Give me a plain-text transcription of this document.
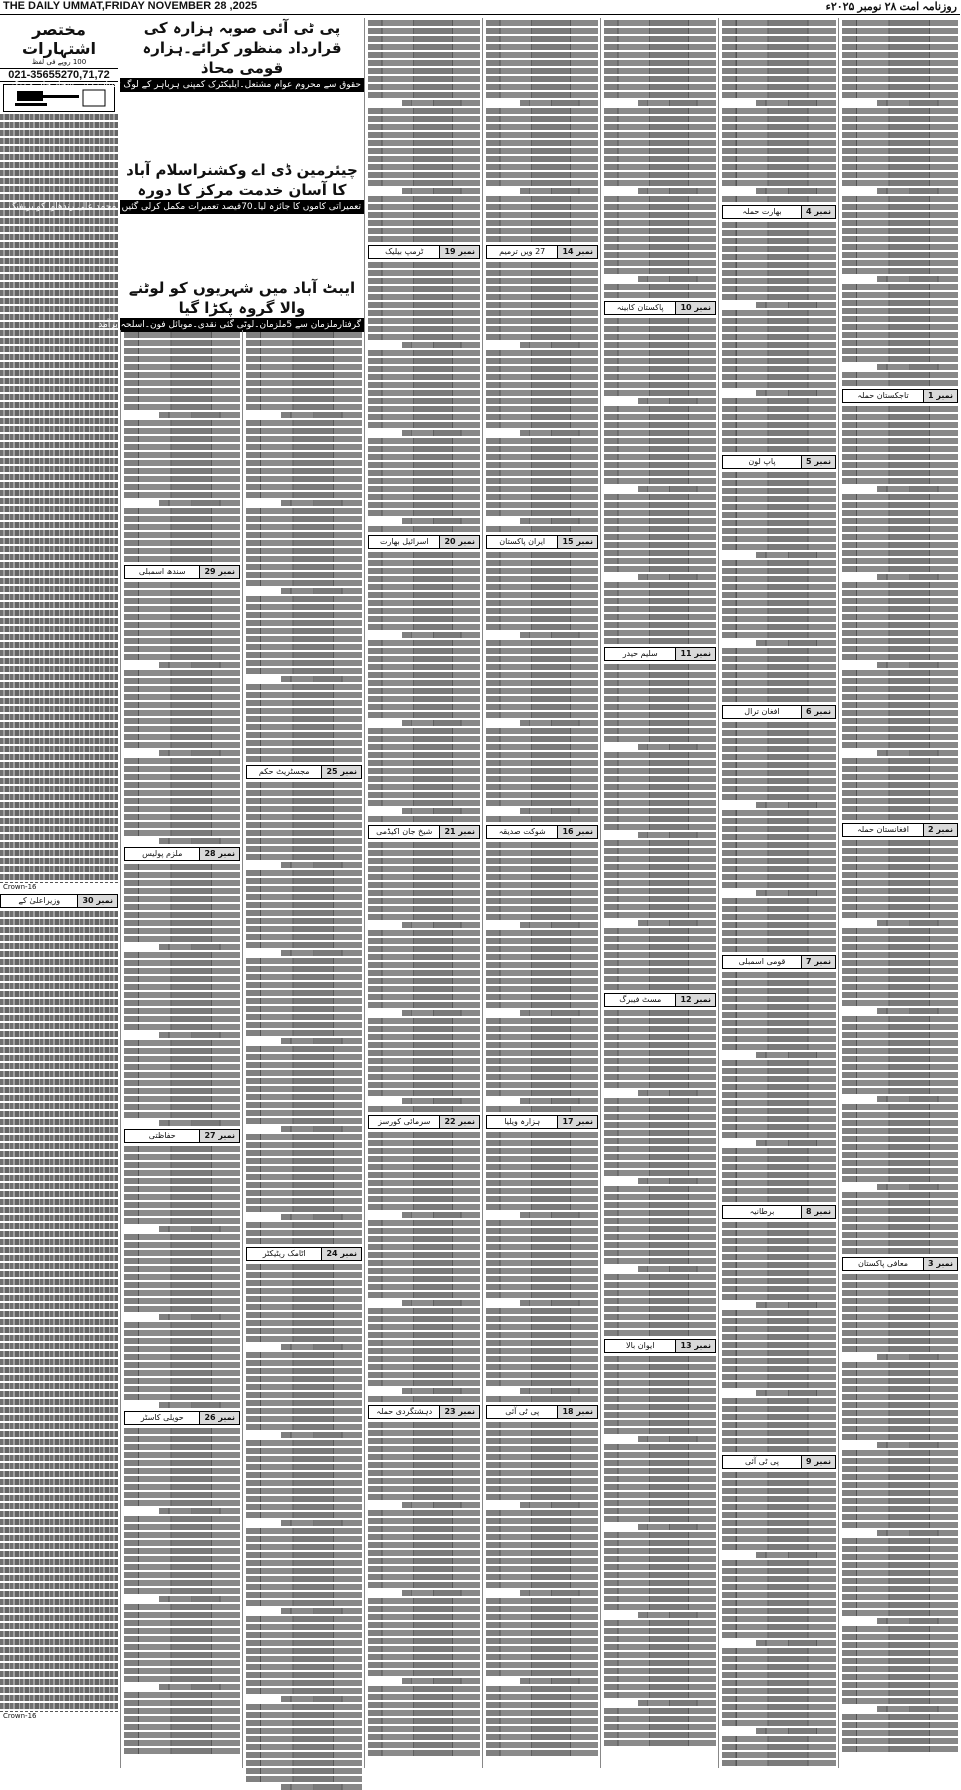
THE DAILY UMMAT,FRIDAY NOVEMBER 28 ,2025	روزنامہ امت ۲۸ نومبر ۲۰۲۵ء
مختصر اشتہارات
100 روپے فی لفظ
021-35655270,71,72
Crown-16
نمبر 30
وزیراعلیٰ کے
Crown-16
پی ٹی آئی صوبہ ہزارہ کی قرارداد منظور کرائے۔ہزارہ قومی محاذ
حقوق سے محروم عوام مشتعل۔ایلیکٹرک کمپنی ہرباہر کے لوگ تعینات ہیں۔سجاد خان و دیگر
چیئرمین ڈی اے وکشنراسلام آباد کا آسان خدمت مرکز کا دورہ
تعمیراتی کاموں کا جائزہ لیا۔70فیصد تعمیرات مکمل کرلی گئیں۔محمد علی رندھاوا کو بریفنگ
ایبٹ آباد میں شہریوں کو لوٹنے والا گروہ پکڑا گیا
گرفتارملزمان سے 5ملزمان۔لوٹی گئی نقدی۔موبائل فون۔اسلحہ برآمد
نمبر 29
سندھ اسمبلی
نمبر 28
ملزم پولیس
نمبر 27
حفاظتی
نمبر 26
حویلی کاسٹر
نمبر 25
مجسٹریٹ حکم
نمبر 24
اٹامک ریٹیکٹر
نمبر 19
ٹرمپ بیلیک
نمبر 20
اسرائیل بھارت
نمبر 21
شیخ جان اکیڈمی
نمبر 22
سرمائی کورسز
نمبر 23
دہشتگردی حملہ
نمبر 14
27 ویں ترمیم
نمبر 15
ایران پاکستان
نمبر 16
شوکت صدیقہ
نمبر 17
ہزارہ ویلیا
نمبر 18
پی ٹی آئی
نمبر 10
پاکستان کابینہ
نمبر 11
سلیم حیدر
نمبر 12
مسٹ فیبرگ
نمبر 13
ایوان بالا
نمبر 4
بھارت حملہ
نمبر 5
پاپ لون
نمبر 6
افغان ترال
نمبر 7
قومی اسمبلی
نمبر 8
برطانیہ
نمبر 9
پی ٹی آئی
نمبر 1
تاجکستان حملہ
نمبر 2
افغانستان حملہ
نمبر 3
معافی پاکستان
